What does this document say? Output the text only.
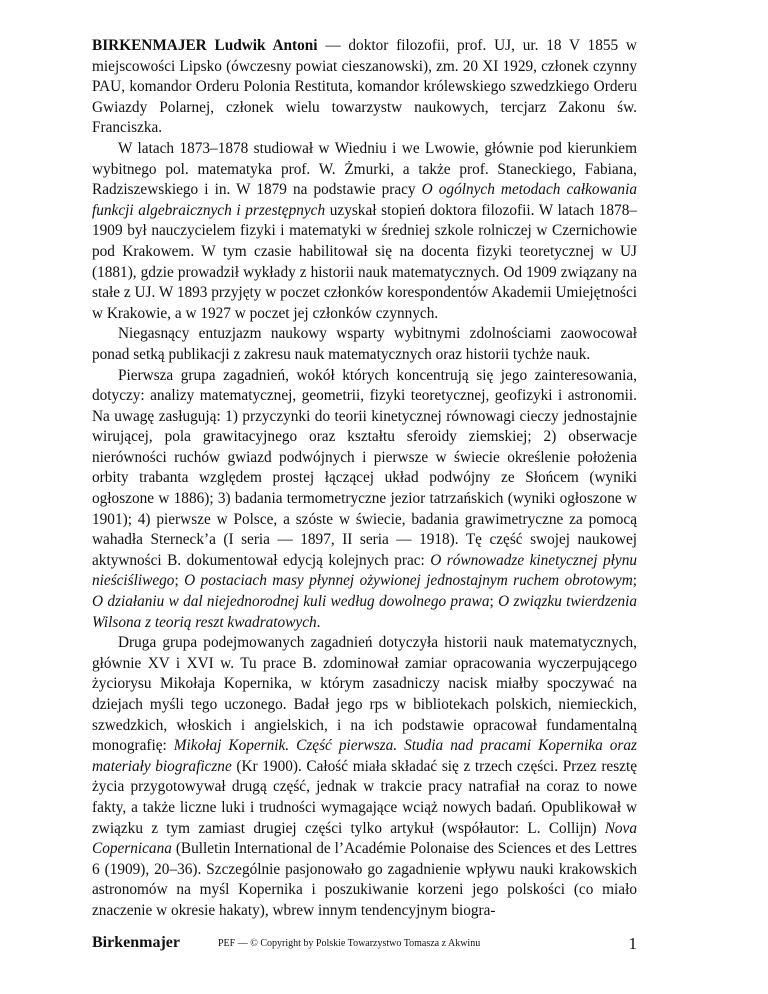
BIRKENMAJER Ludwik Antoni — doktor filozofii, prof. UJ, ur. 18 V 1855 w miejscowości Lipsko (ówczesny powiat cieszanowski), zm. 20 XI 1929, członek czynny PAU, komandor Orderu Polonia Restituta, komandor królewskiego szwedzkiego Orderu Gwiazdy Polarnej, członek wielu towarzystw naukowych, tercjarz Zakonu św. Franciszka.

W latach 1873–1878 studiował w Wiedniu i we Lwowie, głównie pod kierunkiem wybitnego pol. matematyka prof. W. Żmurki, a także prof. Staneckiego, Fabiana, Radziszewskiego i in. W 1879 na podstawie pracy O ogólnych metodach całkowania funkcji algebraicznych i przestępnych uzyskał stopień doktora filozofii. W latach 1878–1909 był nauczycielem fizyki i matematyki w średniej szkole rolniczej w Czernichowie pod Krakowem. W tym czasie habilitował się na docenta fizyki teoretycznej w UJ (1881), gdzie prowadził wykłady z historii nauk matematycznych. Od 1909 związany na stałe z UJ. W 1893 przyjęty w poczet członków korespondentów Akademii Umiejętności w Krakowie, a w 1927 w poczet jej członków czynnych.

Niegasnący entuzjazm naukowy wsparty wybitnymi zdolnościami zaowocował ponad setką publikacji z zakresu nauk matematycznych oraz historii tychże nauk.

Pierwsza grupa zagadnień, wokół których koncentrują się jego zainteresowania, dotyczy: analizy matematycznej, geometrii, fizyki teoretycznej, geofizyki i astronomii. Na uwagę zasługują: 1) przyczynki do teorii kinetycznej równowagi cieczy jednostajnie wirującej, pola grawitacyjnego oraz kształtu sferoidy ziemskiej; 2) obserwacje nierówności ruchów gwiazd podwójnych i pierwsze w świecie określenie położenia orbity trabanta względem prostej łączącej układ podwójny ze Słońcem (wyniki ogłoszone w 1886); 3) badania termometryczne jezior tatrzańskich (wyniki ogłoszone w 1901); 4) pierwsze w Polsce, a szóste w świecie, badania grawimetryczne za pomocą wahadła Sterneck’a (I seria — 1897, II seria — 1918). Tę część swojej naukowej aktywności B. dokumentował edycją kolejnych prac: O równowadze kinetycznej płynu nieściśliwego; O postaciach masy płynnej ożywionej jednostajnym ruchem obrotowym; O działaniu w dal niejednorodnej kuli według dowolnego prawa; O związku twierdzenia Wilsona z teorią reszt kwadratowych.

Druga grupa podejmowanych zagadnień dotyczyła historii nauk matematycznych, głównie XV i XVI w. Tu prace B. zdominował zamiar opracowania wyczerpującego życiorysu Mikołaja Kopernika, w którym zasadniczy nacisk miałby spoczywać na dziejach myśli tego uczonego. Badał jego rps w bibliotekach polskich, niemieckich, szwedzkich, włoskich i angielskich, i na ich podstawie opracował fundamentalną monografię: Mikołaj Kopernik. Część pierwsza. Studia nad pracami Kopernika oraz materiały biograficzne (Kr 1900). Całość miała składać się z trzech części. Przez resztę życia przygotowywał drugą część, jednak w trakcie pracy natrafiał na coraz to nowe fakty, a także liczne luki i trudności wymagające wciąż nowych badań. Opublikował w związku z tym zamiast drugiej części tylko artykuł (współautor: L. Collijn) Nova Copernicana (Bulletin International de l’Académie Polonaise des Sciences et des Lettres 6 (1909), 20–36). Szczególnie pasjonowało go zagadnienie wpływu nauki krakowskich astronomów na myśl Kopernika i poszukiwanie korzeni jego polskości (co miało znaczenie w okresie hakaty), wbrew innym tendencyjnym biogra-

Birkenmajer	PEF — © Copyright by Polskie Towarzystwo Tomasza z Akwinu	1
